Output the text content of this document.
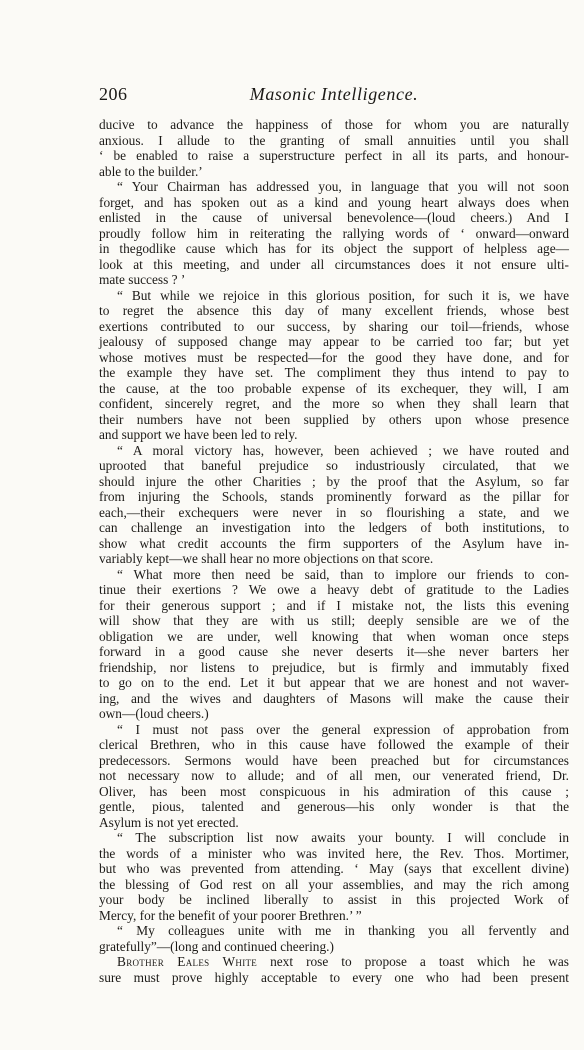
206	Masonic Intelligence.
ducive to advance the happiness of those for whom you are naturally
anxious. I allude to the granting of small annuities until you shall
‘ be enabled to raise a superstructure perfect in all its parts, and honour-
able to the builder.’
“ Your Chairman has addressed you, in language that you will not soon
forget, and has spoken out as a kind and young heart always does when
enlisted in the cause of universal benevolence—(loud cheers.) And I
proudly follow him in reiterating the rallying words of ‘ onward—onward
in thegodlike cause which has for its object the support of helpless age—
look at this meeting, and under all circumstances does it not ensure ulti-
mate success ? ’
“ But while we rejoice in this glorious position, for such it is, we have
to regret the absence this day of many excellent friends, whose best
exertions contributed to our success, by sharing our toil—friends, whose
jealousy of supposed change may appear to be carried too far; but yet
whose motives must be respected—for the good they have done, and for
the example they have set. The compliment they thus intend to pay to
the cause, at the too probable expense of its exchequer, they will, I am
confident, sincerely regret, and the more so when they shall learn that
their numbers have not been supplied by others upon whose presence
and support we have been led to rely.
“ A moral victory has, however, been achieved ; we have routed and
uprooted that baneful prejudice so industriously circulated, that we
should injure the other Charities ; by the proof that the Asylum, so far
from injuring the Schools, stands prominently forward as the pillar for
each,—their exchequers were never in so flourishing a state, and we
can challenge an investigation into the ledgers of both institutions, to
show what credit accounts the firm supporters of the Asylum have in-
variably kept—we shall hear no more objections on that score.
“ What more then need be said, than to implore our friends to con-
tinue their exertions ? We owe a heavy debt of gratitude to the Ladies
for their generous support ; and if I mistake not, the lists this evening
will show that they are with us still; deeply sensible are we of the
obligation we are under, well knowing that when woman once steps
forward in a good cause she never deserts it—she never barters her
friendship, nor listens to prejudice, but is firmly and immutably fixed
to go on to the end. Let it but appear that we are honest and not waver-
ing, and the wives and daughters of Masons will make the cause their
own—(loud cheers.)
“ I must not pass over the general expression of approbation from
clerical Brethren, who in this cause have followed the example of their
predecessors. Sermons would have been preached but for circumstances
not necessary now to allude; and of all men, our venerated friend, Dr.
Oliver, has been most conspicuous in his admiration of this cause ;
gentle, pious, talented and generous—his only wonder is that the
Asylum is not yet erected.
“ The subscription list now awaits your bounty. I will conclude in
the words of a minister who was invited here, the Rev. Thos. Mortimer,
but who was prevented from attending. ‘ May (says that excellent divine)
the blessing of God rest on all your assemblies, and may the rich among
your body be inclined liberally to assist in this projected Work of
Mercy, for the benefit of your poorer Brethren.’ ”
“ My colleagues unite with me in thanking you all fervently and
gratefully”—(long and continued cheering.)
Brother Eales White next rose to propose a toast which he was
sure must prove highly acceptable to every one who had been present
